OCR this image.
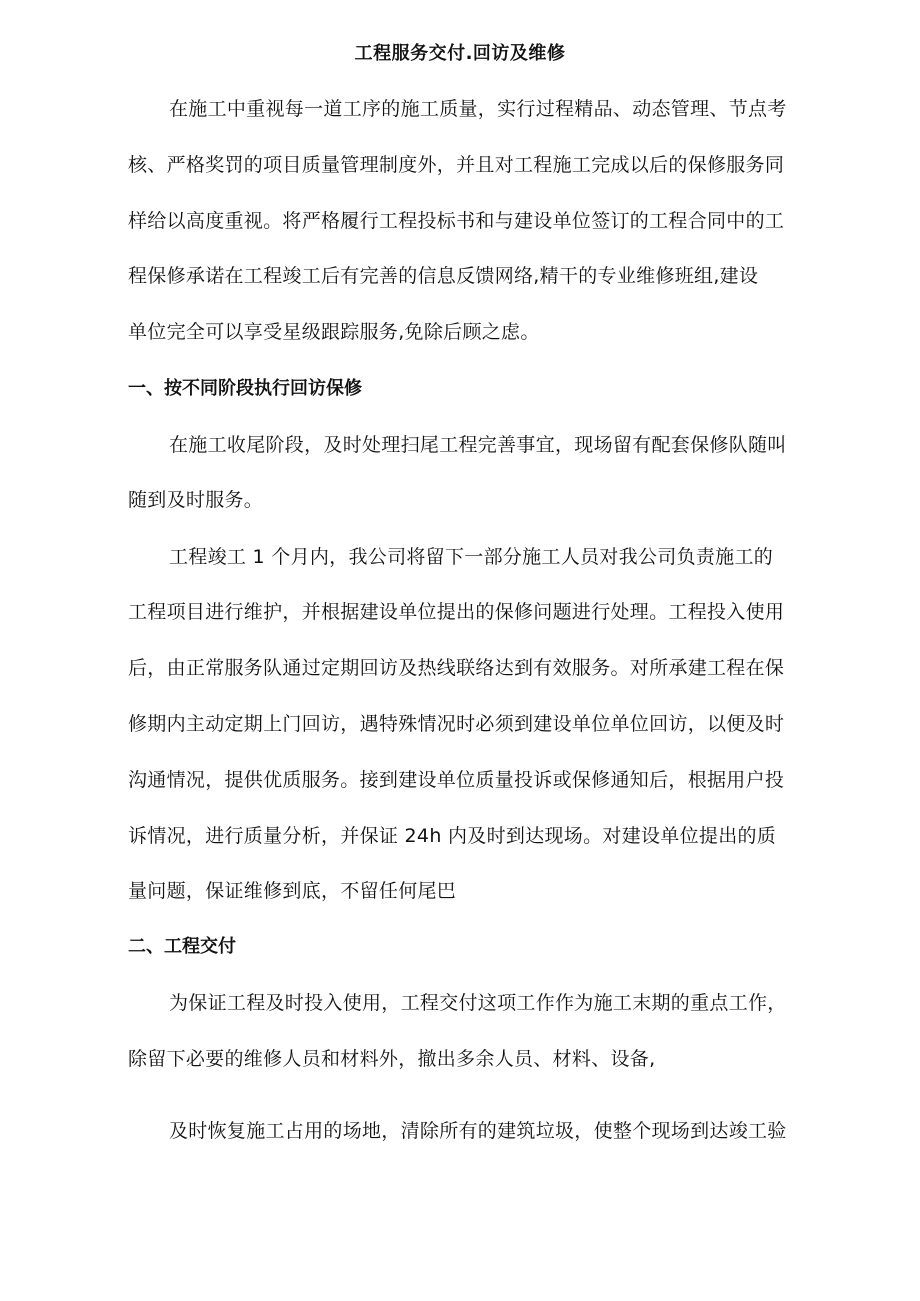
工程服务交付.回访及维修
在施工中重视每一道工序的施工质量，实行过程精品、动态管理、节点考
核、严格奖罚的项目质量管理制度外，并且对工程施工完成以后的保修服务同
样给以高度重视。将严格履行工程投标书和与建设单位签订的工程合同中的工
程保修承诺在工程竣工后有完善的信息反馈网络,精干的专业维修班组,建设
单位完全可以享受星级跟踪服务,免除后顾之虑。
一、按不同阶段执行回访保修
在施工收尾阶段，及时处理扫尾工程完善事宜，现场留有配套保修队随叫
随到及时服务。
工程竣工 1 个月内，我公司将留下一部分施工人员对我公司负责施工的
工程项目进行维护，并根据建设单位提出的保修问题进行处理。工程投入使用
后，由正常服务队通过定期回访及热线联络达到有效服务。对所承建工程在保
修期内主动定期上门回访，遇特殊情况时必须到建设单位单位回访，以便及时
沟通情况，提供优质服务。接到建设单位质量投诉或保修通知后，根据用户投
诉情况，进行质量分析，并保证 24h 内及时到达现场。对建设单位提出的质
量问题，保证维修到底，不留任何尾巴
二、工程交付
为保证工程及时投入使用，工程交付这项工作作为施工末期的重点工作，
除留下必要的维修人员和材料外，撤出多余人员、材料、设备,
及时恢复施工占用的场地，清除所有的建筑垃圾，使整个现场到达竣工验
